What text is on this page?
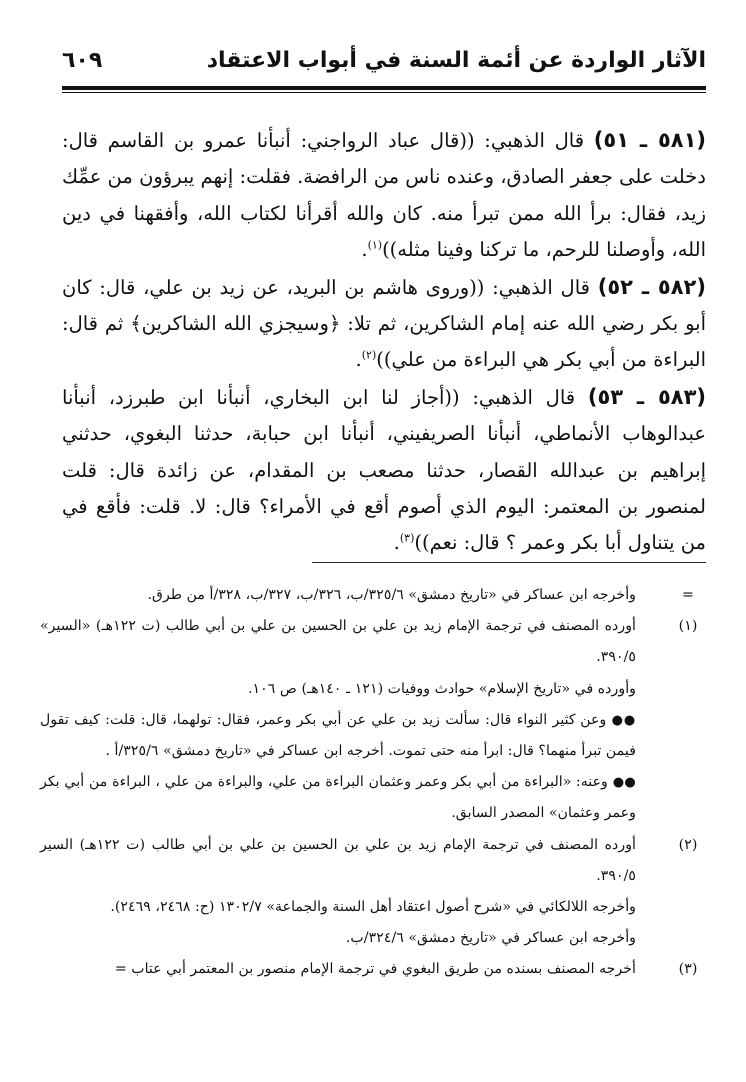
الآثار الواردة عن أئمة السنة في أبواب الاعتقاد
٦٠٩

(٥٨١ ـ ٥١) قال الذهبي: ((قال عباد الرواجني: أنبأنا عمرو بن القاسم قال: دخلت على جعفر الصادق، وعنده ناس من الرافضة. فقلت: إنهم يبرؤون من عمِّك زيد، فقال: برأ الله ممن تبرأ منه. كان والله أقرأنا لكتاب الله، وأفقهنا في دين الله، وأوصلنا للرحم، ما تركنا وفينا مثله))$^{(١)}$.

(٥٨٢ ـ ٥٢) قال الذهبي: ((وروى هاشم بن البريد، عن زيد بن علي، قال: كان أبو بكر رضي الله عنه إمام الشاكرين، ثم تلا: ﴿وسيجزي الله الشاكرين﴾ ثم قال: البراءة من أبي بكر هي البراءة من علي))$^{(٢)}$.

(٥٨٣ ـ ٥٣) قال الذهبي: ((أجاز لنا ابن البخاري، أنبأنا ابن طبرزد، أنبأنا عبدالوهاب الأنماطي، أنبأنا الصريفيني، أنبأنا ابن حبابة، حدثنا البغوي، حدثني إبراهيم بن عبدالله القصار، حدثنا مصعب بن المقدام، عن زائدة قال: قلت لمنصور بن المعتمر: اليوم الذي أصوم أقع في الأمراء؟ قال: لا. قلت: فأقع في من يتناول أبا بكر وعمر ؟ قال: نعم))$^{(٣)}$.

=

وأخرجه ابن عساكر في «تاريخ دمشق» ٣٢٥/٦/ب، ٣٢٦/ب، ٣٢٧/ب، ٣٢٨/أ من طرق.

(١)

أورده المصنف في ترجمة الإمام زيد بن علي بن الحسين بن علي بن أبي طالب (ت ١٢٢هـ) «السير» ٣٩٠/٥.

وأورده في «تاريخ الإسلام» حوادث ووفيات (١٢١ ـ ١٤٠هـ) ص ١٠٦.

●● وعن كثير النواء قال: سألت زيد بن علي عن أبي بكر وعمر، فقال: تولهما، قال: قلت: كيف تقول فيمن تبرأ منهما؟ قال: ابرأ منه حتى تموت. أخرجه ابن عساكر في «تاريخ دمشق» ٣٢٥/٦/أ .

●● وعنه: «البراءة من أبي بكر وعمر وعثمان البراءة من علي، والبراءة من علي ، البراءة من أبي بكر وعمر وعثمان» المصدر السابق.

(٢)

أورده المصنف في ترجمة الإمام زيد بن علي بن الحسين بن علي بن أبي طالب (ت ١٢٢هـ) السير ٣٩٠/٥.

وأخرجه اللالكائي في «شرح أصول اعتقاد أهل السنة والجماعة» ١٣٠٢/٧ (ح: ٢٤٦٨، ٢٤٦٩).

وأخرجه ابن عساكر في «تاريخ دمشق» ٣٢٤/٦/ب.

(٣)

أخرجه المصنف بسنده من طريق البغوي في ترجمة الإمام منصور بن المعتمر أبي عتاب =
